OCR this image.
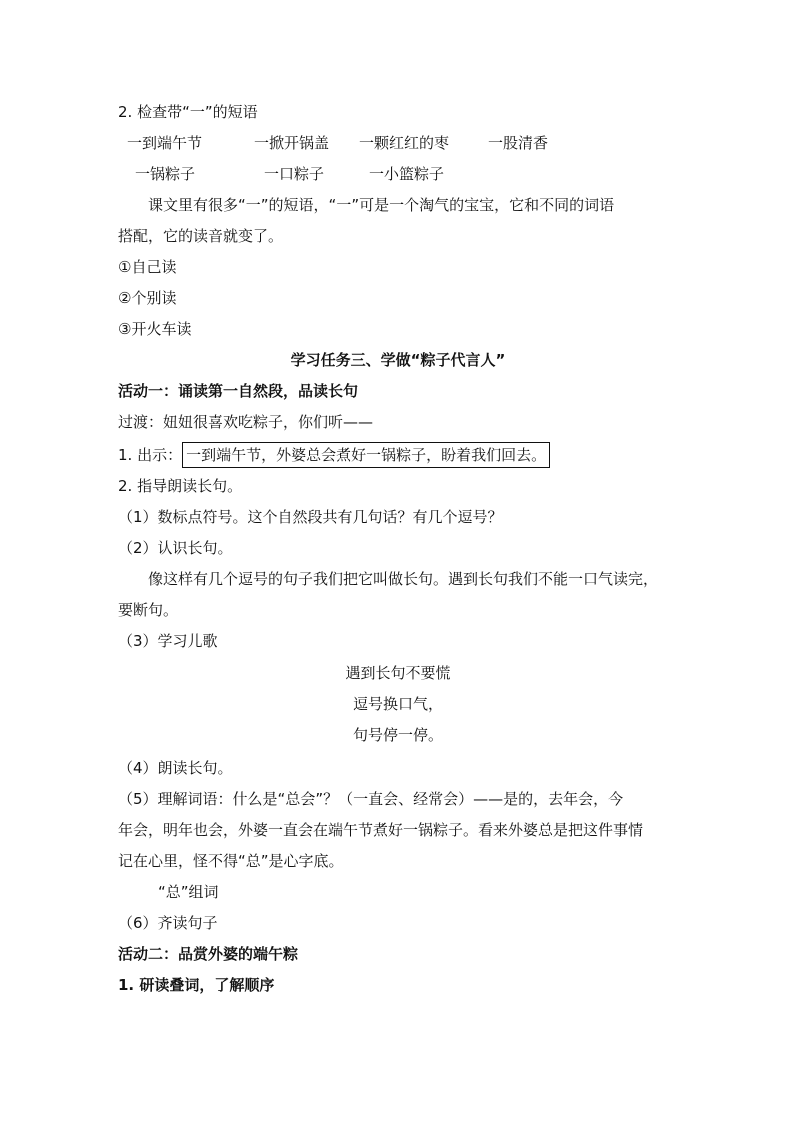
2. 检查带“一”的短语
一到端午节	一掀开锅盖 一颗红红的枣	一股清香
一锅粽子	一口粽子	一小篮粽子
课文里有很多“一”的短语，“一”可是一个淘气的宝宝，它和不同的词语
搭配，它的读音就变了。
①自己读
②个别读
③开火车读
学习任务三、学做“粽子代言人”
活动一：诵读第一自然段，品读长句
过渡：妞妞很喜欢吃粽子，你们听——
1. 出示： 一到端午节，外婆总会煮好一锅粽子，盼着我们回去。
2. 指导朗读长句。
（1）数标点符号。这个自然段共有几句话？有几个逗号？
（2）认识长句。
像这样有几个逗号的句子我们把它叫做长句。遇到长句我们不能一口气读完，
要断句。
（3）学习儿歌
遇到长句不要慌
逗号换口气，
句号停一停。
（4）朗读长句。
（5）理解词语：什么是“总会”？（一直会、经常会）——是的，去年会，今
年会，明年也会，外婆一直会在端午节煮好一锅粽子。看来外婆总是把这件事情
记在心里，怪不得“总”是心字底。
“总”组词
（6）齐读句子
活动二：品赏外婆的端午粽
1. 研读叠词，了解顺序
